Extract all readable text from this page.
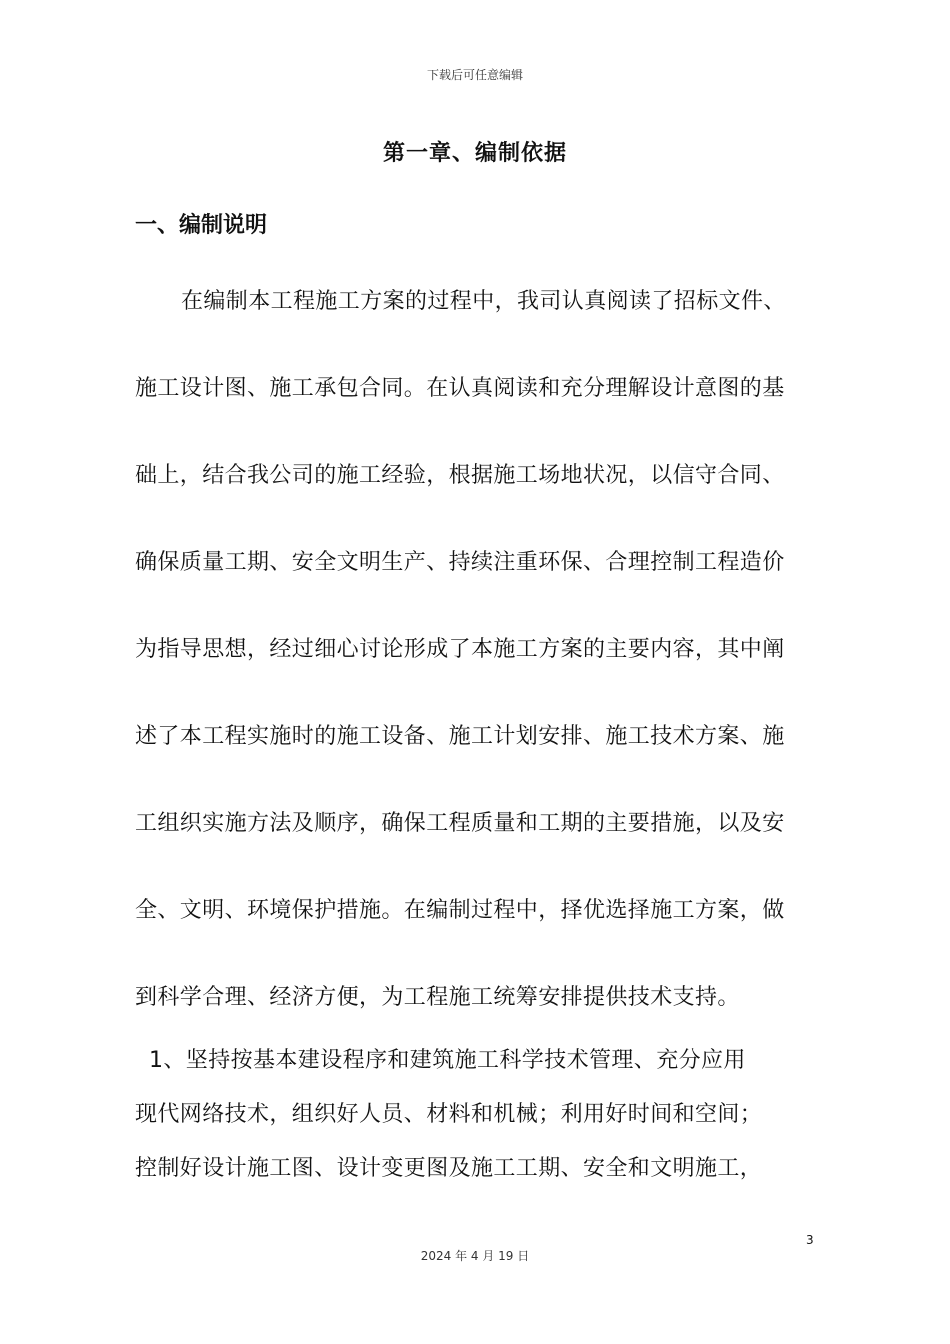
下载后可任意编辑
第一章、编制依据
一、编制说明
在编制本工程施工方案的过程中，我司认真阅读了招标文件、
施工设计图、施工承包合同。在认真阅读和充分理解设计意图的基
础上，结合我公司的施工经验，根据施工场地状况，以信守合同、
确保质量工期、安全文明生产、持续注重环保、合理控制工程造价
为指导思想，经过细心讨论形成了本施工方案的主要内容，其中阐
述了本工程实施时的施工设备、施工计划安排、施工技术方案、施
工组织实施方法及顺序，确保工程质量和工期的主要措施，以及安
全、文明、环境保护措施。在编制过程中，择优选择施工方案，做
到科学合理、经济方便，为工程施工统筹安排提供技术支持。
1、坚持按基本建设程序和建筑施工科学技术管理、充分应用
现代网络技术，组织好人员、材料和机械；利用好时间和空间；
控制好设计施工图、设计变更图及施工工期、安全和文明施工，
3
2024 年 4 月 19 日
